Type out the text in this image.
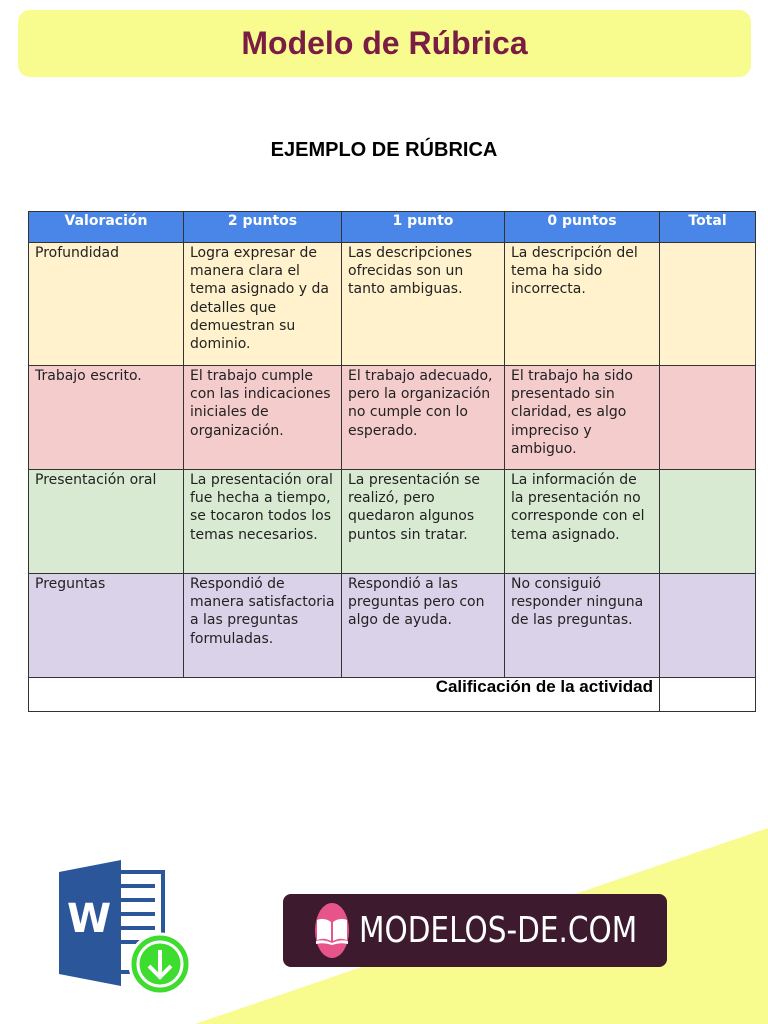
Modelo de Rúbrica
EJEMPLO DE RÚBRICA
Valoración	2 puntos	1 punto	0 puntos	Total
Profundidad	Logra expresar de manera clara el tema asignado y da detalles que demuestran su dominio.	Las descripciones ofrecidas son un tanto ambiguas.	La descripción del tema ha sido incorrecta.	
Trabajo escrito.	El trabajo cumple con las indicaciones iniciales de organización.	El trabajo adecuado, pero la organización no cumple con lo esperado.	El trabajo ha sido presentado sin claridad, es algo impreciso y ambiguo.	
Presentación oral	La presentación oral fue hecha a tiempo, se tocaron todos los temas necesarios.	La presentación se realizó, pero quedaron algunos puntos sin tratar.	La información de la presentación no corresponde con el tema asignado.	
Preguntas	Respondió de manera satisfactoria a las preguntas formuladas.	Respondió a las preguntas pero con algo de ayuda.	No consiguió responder ninguna de las preguntas.	
Calificación de la actividad				
W	MODELOS-DE.COM
